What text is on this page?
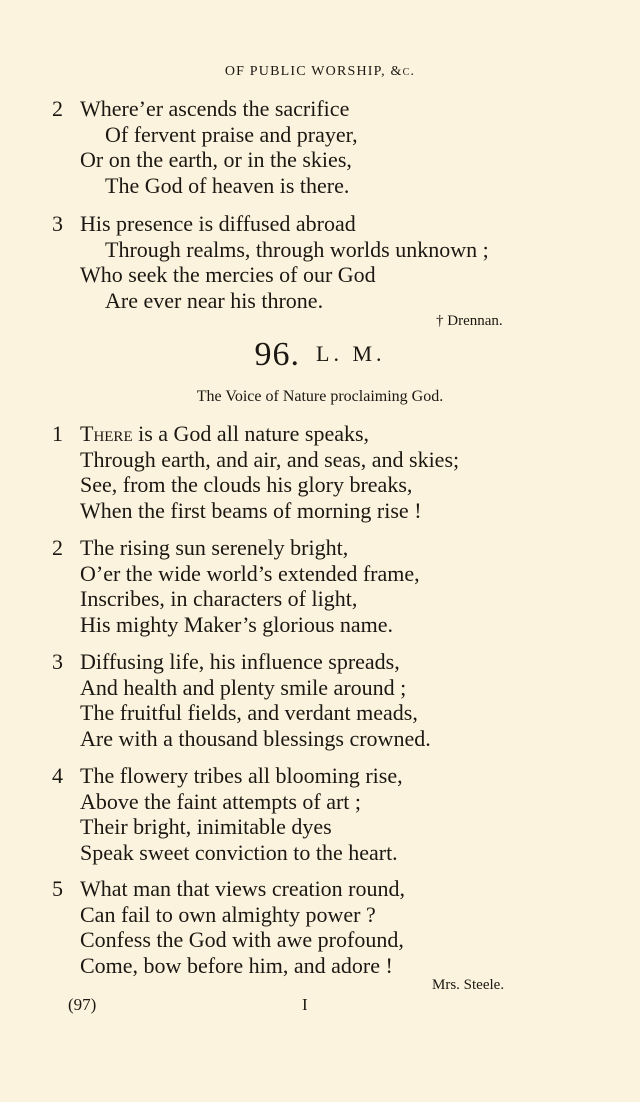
OF PUBLIC WORSHIP, &c.
2 Where’er ascends the sacrifice
Of fervent praise and prayer,
Or on the earth, or in the skies,
The God of heaven is there.
3 His presence is diffused abroad
Through realms, through worlds unknown ;
Who seek the mercies of our God
Are ever near his throne.
† Drennan.
96. L. M.
The Voice of Nature proclaiming God.
1 There is a God all nature speaks,
Through earth, and air, and seas, and skies;
See, from the clouds his glory breaks,
When the first beams of morning rise !
2 The rising sun serenely bright,
O’er the wide world’s extended frame,
Inscribes, in characters of light,
His mighty Maker’s glorious name.
3 Diffusing life, his influence spreads,
And health and plenty smile around ;
The fruitful fields, and verdant meads,
Are with a thousand blessings crowned.
4 The flowery tribes all blooming rise,
Above the faint attempts of art ;
Their bright, inimitable dyes
Speak sweet conviction to the heart.
5 What man that views creation round,
Can fail to own almighty power ?
Confess the God with awe profound,
Come, bow before him, and adore !
Mrs. Steele.
(97)	I
